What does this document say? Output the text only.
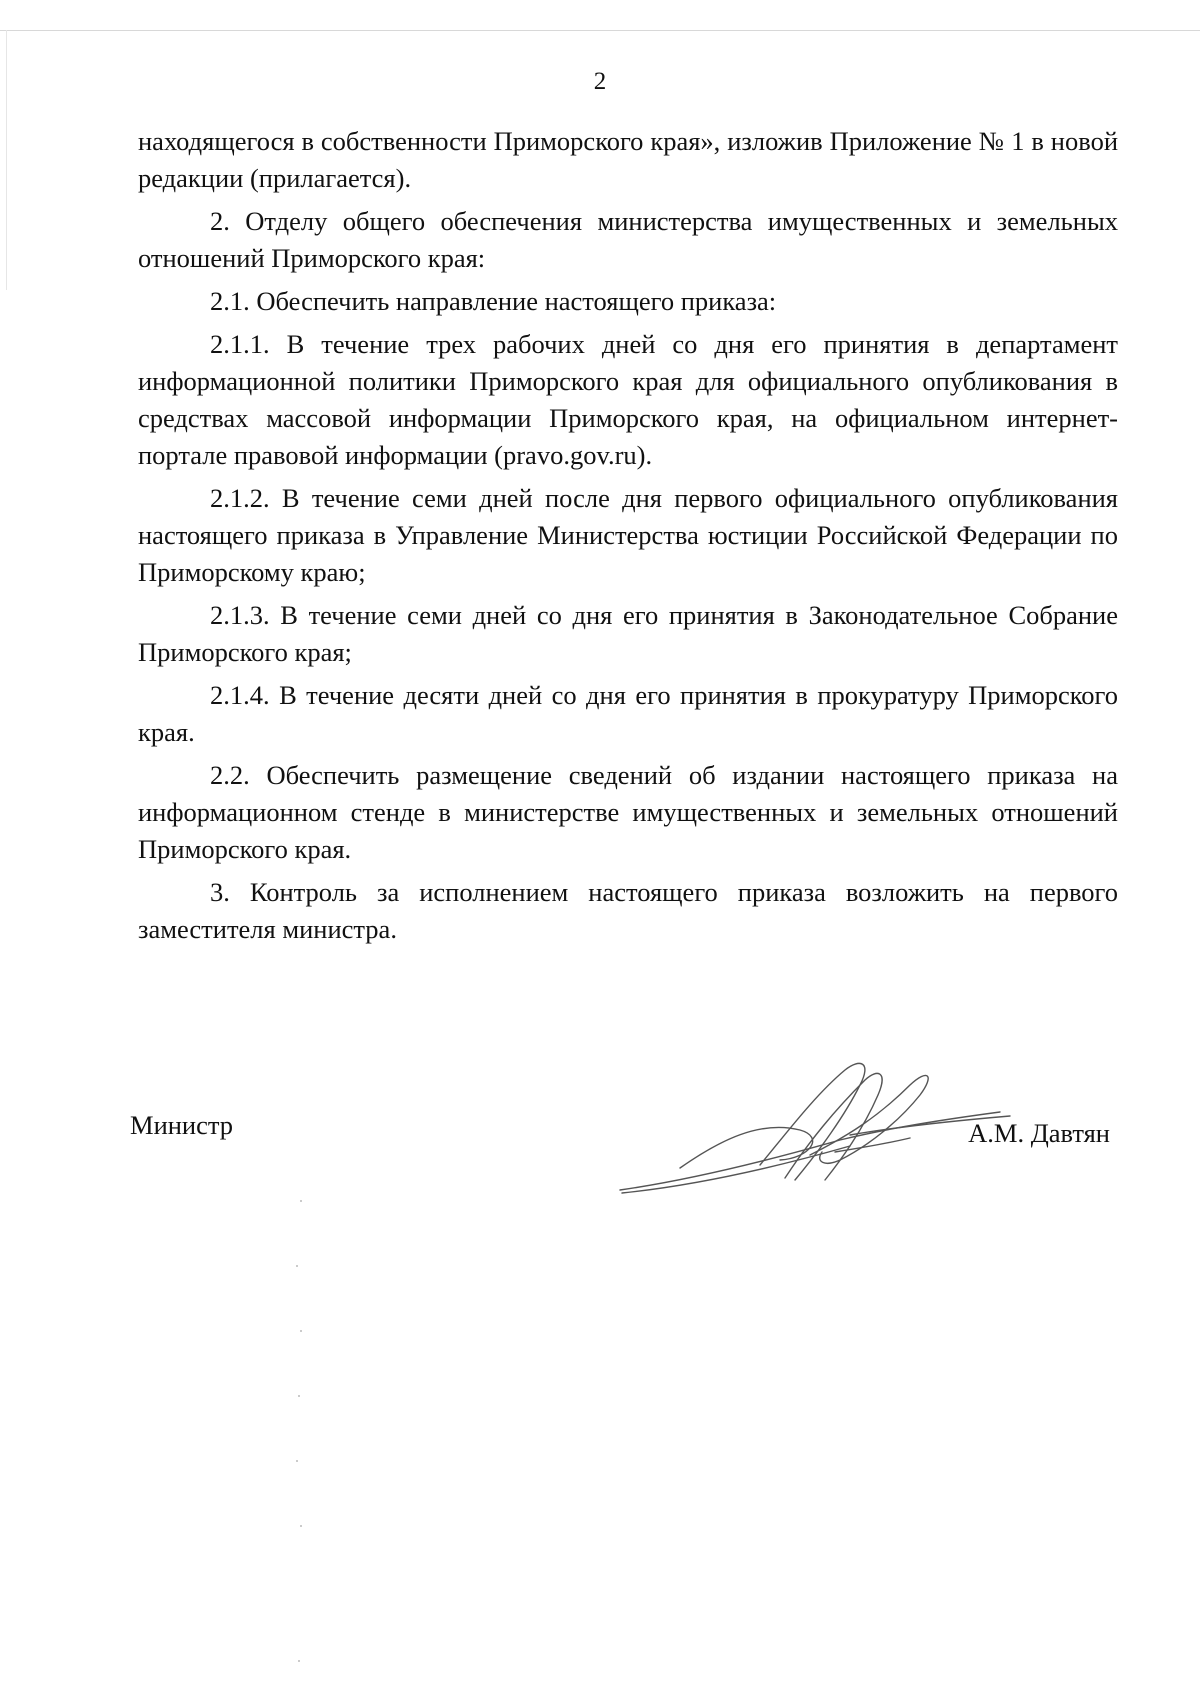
2

находящегося в собственности Приморского края», изложив Приложение № 1 в новой редакции (прилагается).

2. Отделу общего обеспечения министерства имущественных и земельных отношений Приморского края:

2.1. Обеспечить направление настоящего приказа:

2.1.1. В течение трех рабочих дней со дня его принятия в департамент информационной политики Приморского края для официального опубликования в средствах массовой информации Приморского края, на официальном интернет-портале правовой информации (pravo.gov.ru).

2.1.2. В течение семи дней после дня первого официального опубликования настоящего приказа в Управление Министерства юстиции Российской Федерации по Приморскому краю;

2.1.3. В течение семи дней со дня его принятия в Законодательное Собрание Приморского края;

2.1.4. В течение десяти дней со дня его принятия в прокуратуру Приморского края.

2.2. Обеспечить размещение сведений об издании настоящего приказа на информационном стенде в министерстве имущественных и земельных отношений Приморского края.

3. Контроль за исполнением настоящего приказа возложить на первого заместителя министра.

Министр	А.М. Давтян
